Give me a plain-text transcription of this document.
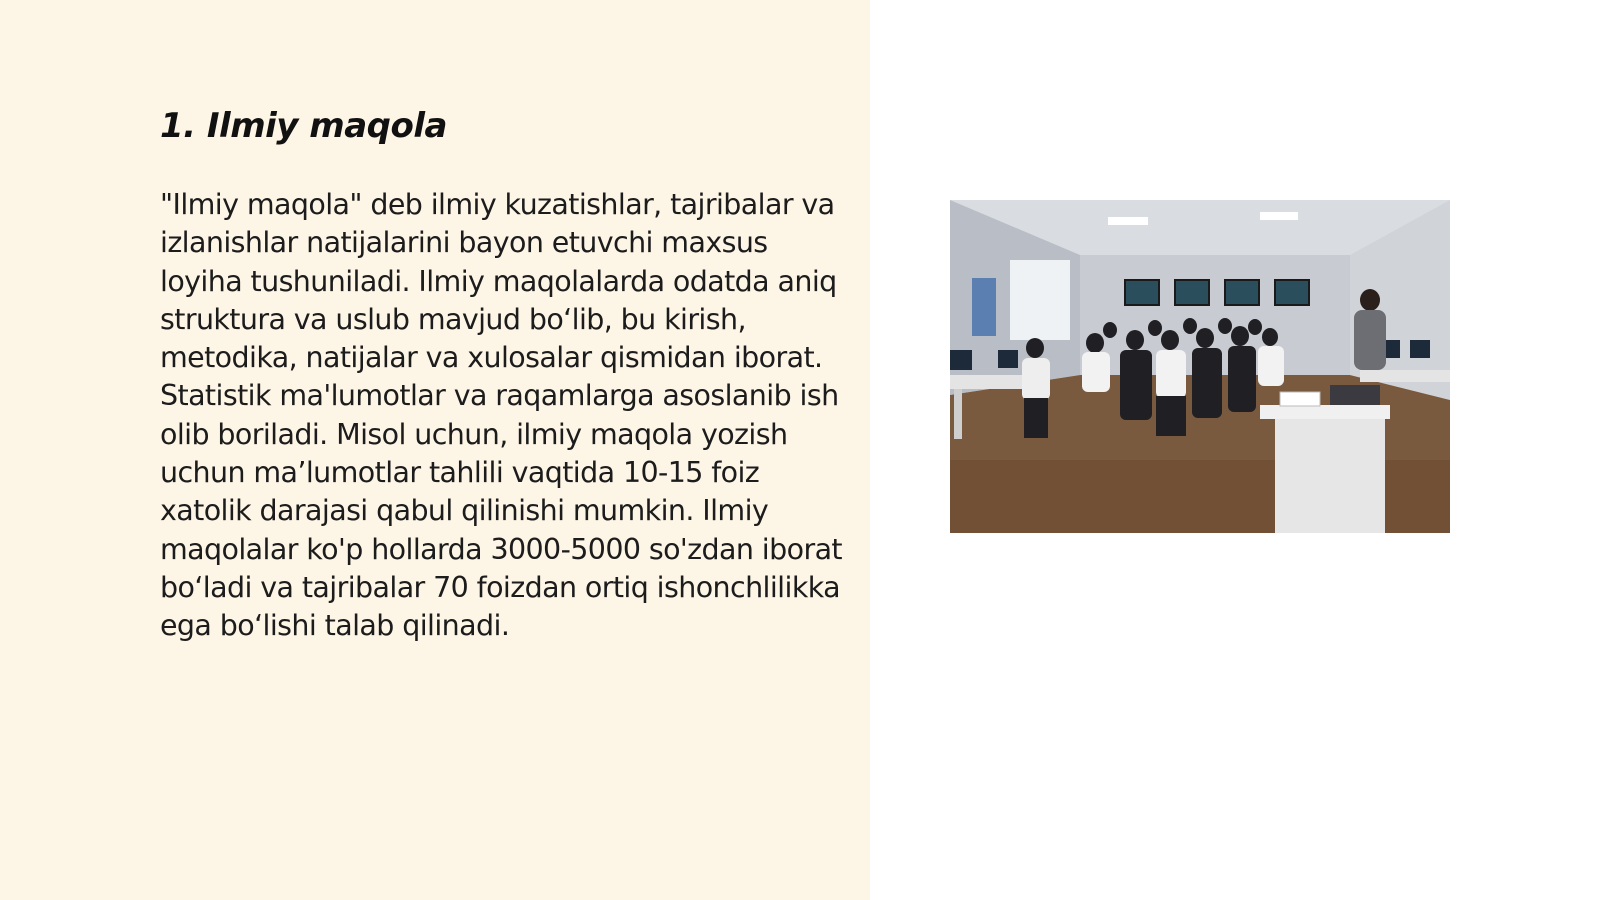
1. Ilmiy maqola

"Ilmiy maqola" deb ilmiy kuzatishlar, tajribalar va izlanishlar natijalarini bayon etuvchi maxsus loyiha tushuniladi. Ilmiy maqolalarda odatda aniq struktura va uslub mavjud bo‘lib, bu kirish, metodika, natijalar va xulosalar qismidan iborat. Statistik ma'lumotlar va raqamlarga asoslanib ish olib boriladi. Misol uchun, ilmiy maqola yozish uchun ma’lumotlar tahlili vaqtida 10-15 foiz xatolik darajasi qabul qilinishi mumkin. Ilmiy maqolalar ko'p hollarda 3000-5000 so'zdan iborat bo‘ladi va tajribalar 70 foizdan ortiq ishonchlilikka ega bo‘lishi talab qilinadi.
